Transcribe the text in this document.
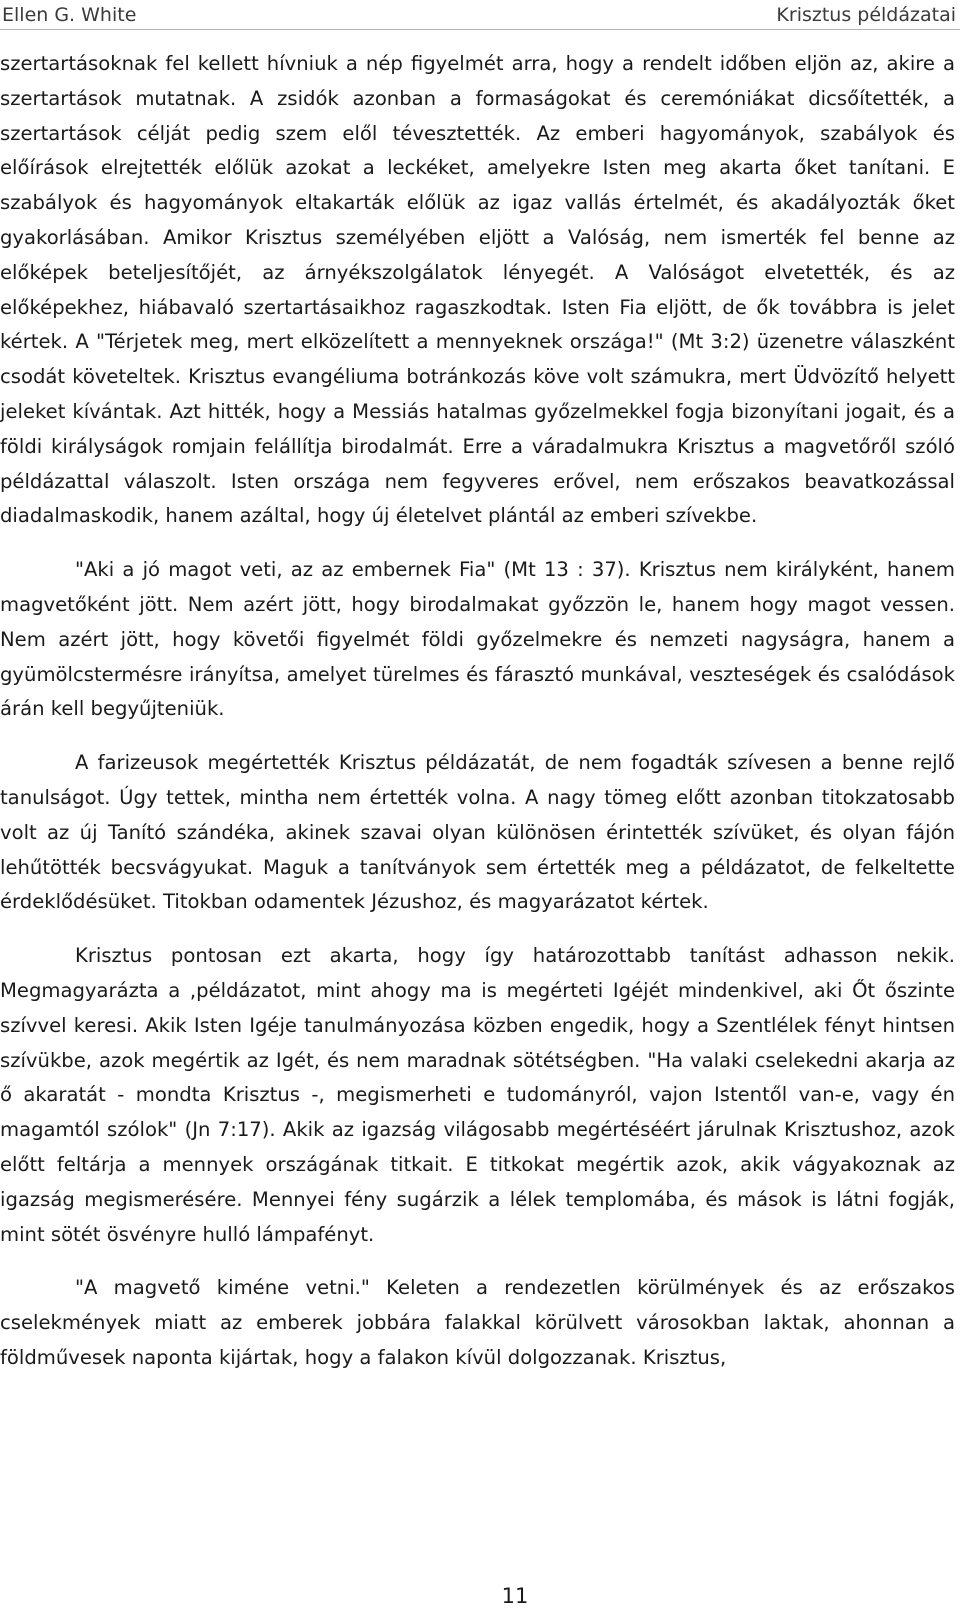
Ellen G. White	Krisztus példázatai

szertartásoknak fel kellett hívniuk a nép figyelmét arra, hogy a rendelt időben eljön az, akire a szertartások mutatnak. A zsidók azonban a formaságokat és ceremóniákat dicsőítették, a szertartások célját pedig szem elől tévesztették. Az emberi hagyományok, szabályok és előírások elrejtették előlük azokat a leckéket, amelyekre Isten meg akarta őket tanítani. E szabályok és hagyományok eltakarták előlük az igaz vallás értelmét, és akadályozták őket gyakorlásában. Amikor Krisztus személyében eljött a Valóság, nem ismerték fel benne az előképek beteljesítőjét, az árnyékszolgálatok lényegét. A Valóságot elvetették, és az előképekhez, hiábavaló szertartásaikhoz ragaszkodtak. Isten Fia eljött, de ők továbbra is jelet kértek. A "Térjetek meg, mert elközelített a mennyeknek országa!" (Mt 3:2) üzenetre válaszként csodát követeltek. Krisztus evangéliuma botránkozás köve volt számukra, mert Üdvözítő helyett jeleket kívántak. Azt hitték, hogy a Messiás hatalmas győzelmekkel fogja bizonyítani jogait, és a földi királyságok romjain felállítja birodalmát. Erre a váradalmukra Krisztus a magvetőről szóló példázattal válaszolt. Isten országa nem fegyveres erővel, nem erőszakos beavatkozással diadalmaskodik, hanem azáltal, hogy új életelvet plántál az emberi szívekbe.

"Aki a jó magot veti, az az embernek Fia" (Mt 13 : 37). Krisztus nem királyként, hanem magvetőként jött. Nem azért jött, hogy birodalmakat győzzön le, hanem hogy magot vessen. Nem azért jött, hogy követői figyelmét földi győzelmekre és nemzeti nagyságra, hanem a gyümölcstermésre irányítsa, amelyet türelmes és fárasztó munkával, veszteségek és csalódások árán kell begyűjteniük.

A farizeusok megértették Krisztus példázatát, de nem fogadták szívesen a benne rejlő tanulságot. Úgy tettek, mintha nem értették volna. A nagy tömeg előtt azonban titokzatosabb volt az új Tanító szándéka, akinek szavai olyan különösen érintették szívüket, és olyan fájón lehűtötték becsvágyukat. Maguk a tanítványok sem értették meg a példázatot, de felkeltette érdeklődésüket. Titokban odamentek Jézushoz, és magyarázatot kértek.

Krisztus pontosan ezt akarta, hogy így határozottabb tanítást adhasson nekik. Megmagyarázta a ,példázatot, mint ahogy ma is megérteti Igéjét mindenkivel, aki Őt őszinte szívvel keresi. Akik Isten Igéje tanulmányozása közben engedik, hogy a Szentlélek fényt hintsen szívükbe, azok megértik az Igét, és nem maradnak sötétségben. "Ha valaki cselekedni akarja az ő akaratát - mondta Krisztus -, megismerheti e tudományról, vajon Istentől van-e, vagy én magamtól szólok" (Jn 7:17). Akik az igazság világosabb megértéséért járulnak Krisztushoz, azok előtt feltárja a mennyek országának titkait. E titkokat megértik azok, akik vágyakoznak az igazság megismerésére. Mennyei fény sugárzik a lélek templomába, és mások is látni fogják, mint sötét ösvényre hulló lámpafényt.

"A magvető kiméne vetni." Keleten a rendezetlen körülmények és az erőszakos cselekmények miatt az emberek jobbára falakkal körülvett városokban laktak, ahonnan a földművesek naponta kijártak, hogy a falakon kívül dolgozzanak. Krisztus,

11
